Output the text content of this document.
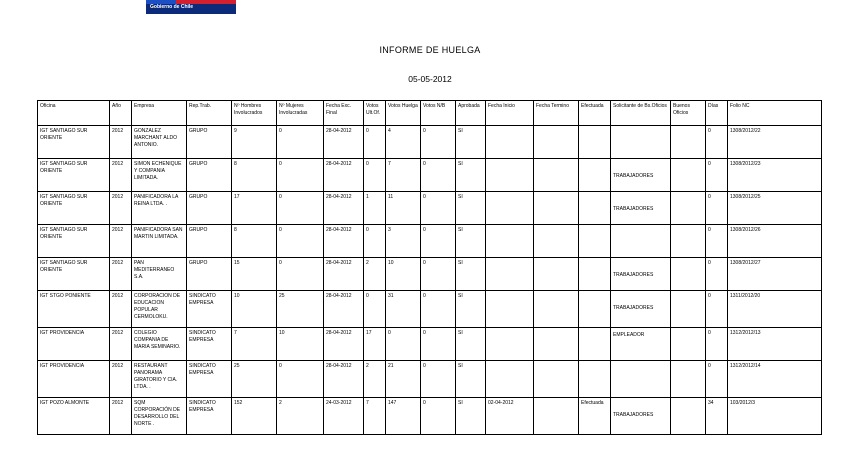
Gobierno de Chile
INFORME DE HUELGA
05-05-2012
Oficina	Año	Empresa	Rep.Trab.	Nº Hombres Involucrados	Nº Mujeres Involucradas	Fecha Exc. Final	Votos Ult.Of.	Votos Huelga	Votos N/B	Aprobada	Fecha Inicio	Fecha Termino	Efectuada	Solicitante de Bs.Oficios	Buenos Oficios	Días	Folio NC
IGT SANTIAGO SUR ORIENTE	2012	GONZALEZ MARCHANT ALDO ANTONIO.	GRUPO	9	0	28-04-2012	0	4	0	SI						0	1308/2012/22
IGT SANTIAGO SUR ORIENTE	2012	SIMON ECHENIQUE Y COMPANIA LIMITADA.	GRUPO	8	0	28-04-2012	0	7	0	SI				TRABAJADORES		0	1308/2012/23
IGT SANTIAGO SUR ORIENTE	2012	PANIFICADORA LA REINA LTDA. .	GRUPO	17	0	28-04-2012	1	11	0	SI				TRABAJADORES		0	1308/2012/25
IGT SANTIAGO SUR ORIENTE	2012	PANIFICADORA SAN MARTIN LIMITADA.	GRUPO	8	0	28-04-2012	0	3	0	SI						0	1308/2012/26
IGT SANTIAGO SUR ORIENTE	2012	PAN MEDITERRANEO S.A.	GRUPO	15	0	28-04-2012	2	10	0	SI				TRABAJADORES		0	1308/2012/27
IGT STGO PONIENTE	2012	CORPORACION DE EDUCACION POPULAR CERMOLOKU.	SINDICATO EMPRESA	10	25	28-04-2012	0	31	0	SI				TRABAJADORES		0	1311/2012/20
IGT PROVIDENCIA	2012	COLEGIO COMPANIA DE MARIA SEMINARIO.	SINDICATO EMPRESA	7	10	28-04-2012	17	0	0	SI				EMPLEADOR		0	1312/2012/13
IGT PROVIDENCIA	2012	RESTAURANT PANORAMA GIRATORIO Y CIA. LTDA. .	SINDICATO EMPRESA	25	0	28-04-2012	2	21	0	SI						0	1312/2012/14
IGT POZO ALMONTE	2012	SQM CORPORACIÓN DE DESARROLLO DEL NORTE .	SINDICATO EMPRESA	152	2	24-03-2012	7	147	0	SI	02-04-2012		Efectuada	TRABAJADORES		34	103/2012/3
